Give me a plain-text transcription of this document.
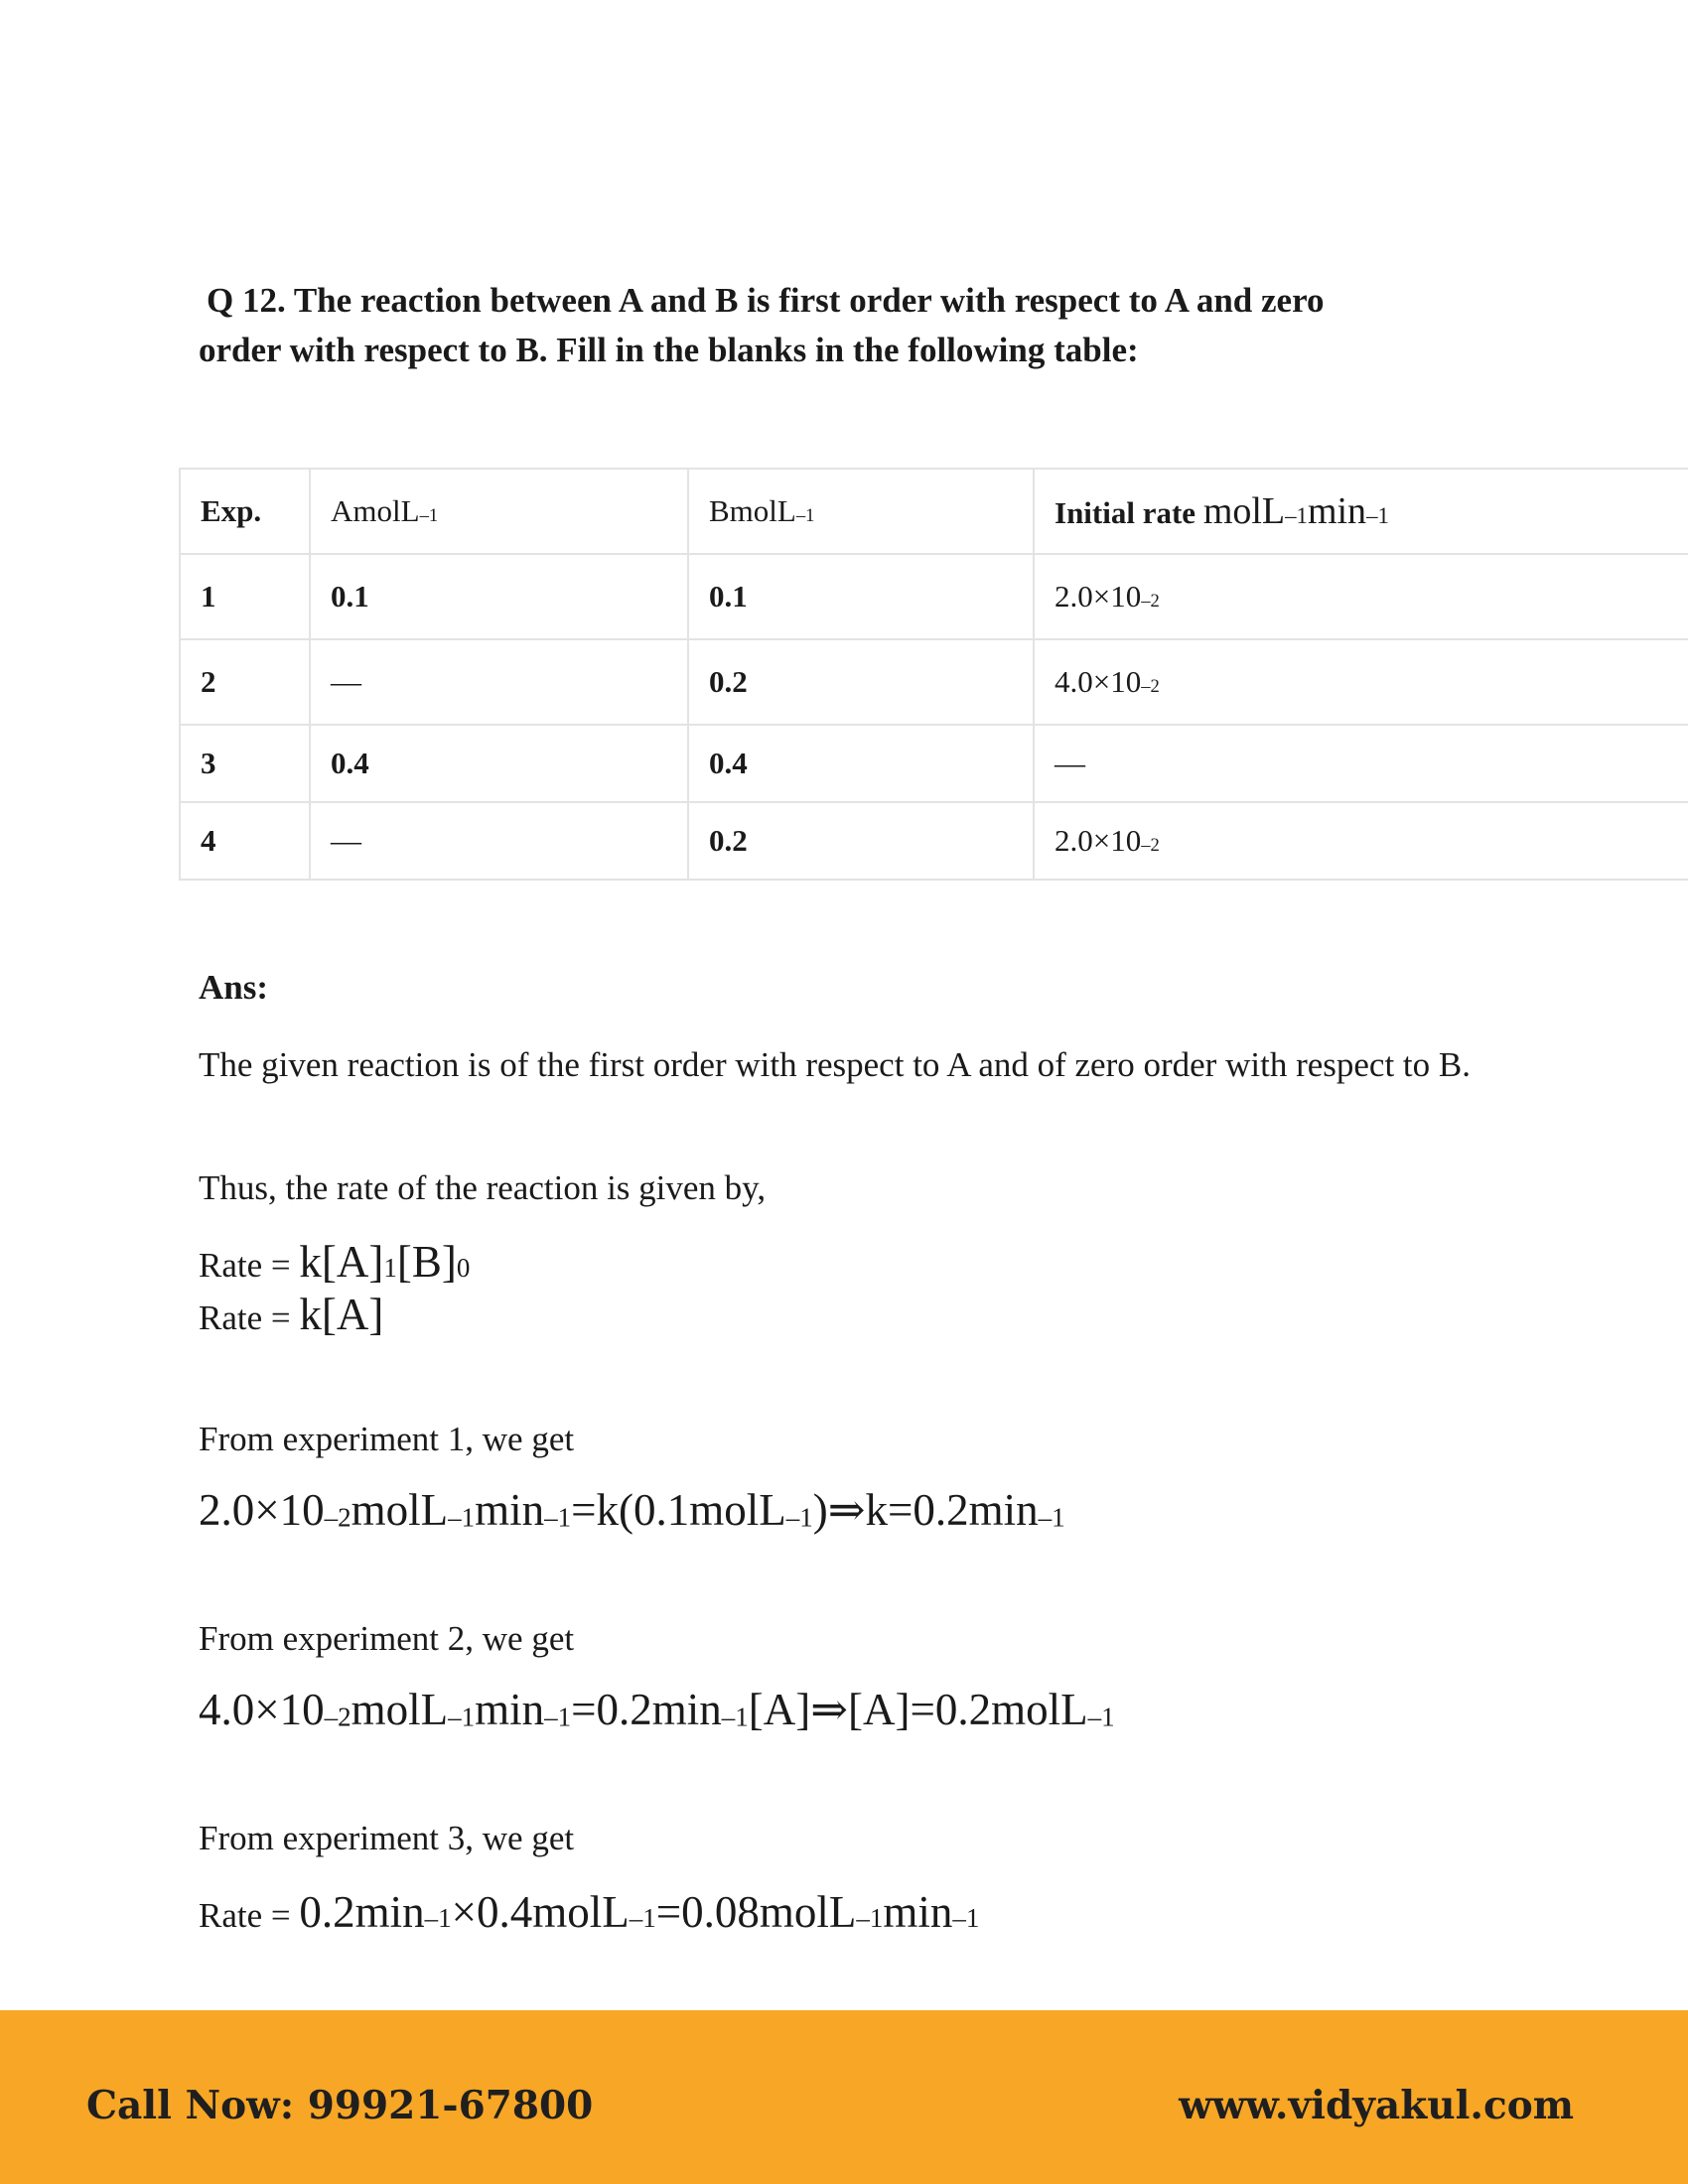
Q 12. The reaction between A and B is first order with respect to A and zero
order with respect to B. Fill in the blanks in the following table:
Exp.	AmolL–1	BmolL–1	Initial rate molL–1min–1
1	0.1	0.1	2.0×10–2
2	—	0.2	4.0×10–2
3	0.4	0.4	—
4	—	0.2	2.0×10–2
Ans:
The given reaction is of the first order with respect to A and of zero order with respect to B.
Thus, the rate of the reaction is given by,
Rate = k[A]1[B]0
Rate = k[A]
From experiment 1, we get
$2.0\times 10^{-2}molL^{-1}\min^{-1}=k(0.1molL^{-1})\Rightarrow k=0.2\min^{-1}$
From experiment 2, we get
$4.0\times 10^{-2}molL^{-1}\min^{-1}=0.2\min^{-1}[A]\Rightarrow[A]=0.2molL^{-1}$
From experiment 3, we get
Rate = 0.2min–1×0.4molL–1=0.08molL–1min–1
Call Now: 99921-67800	www.vidyakul.com
